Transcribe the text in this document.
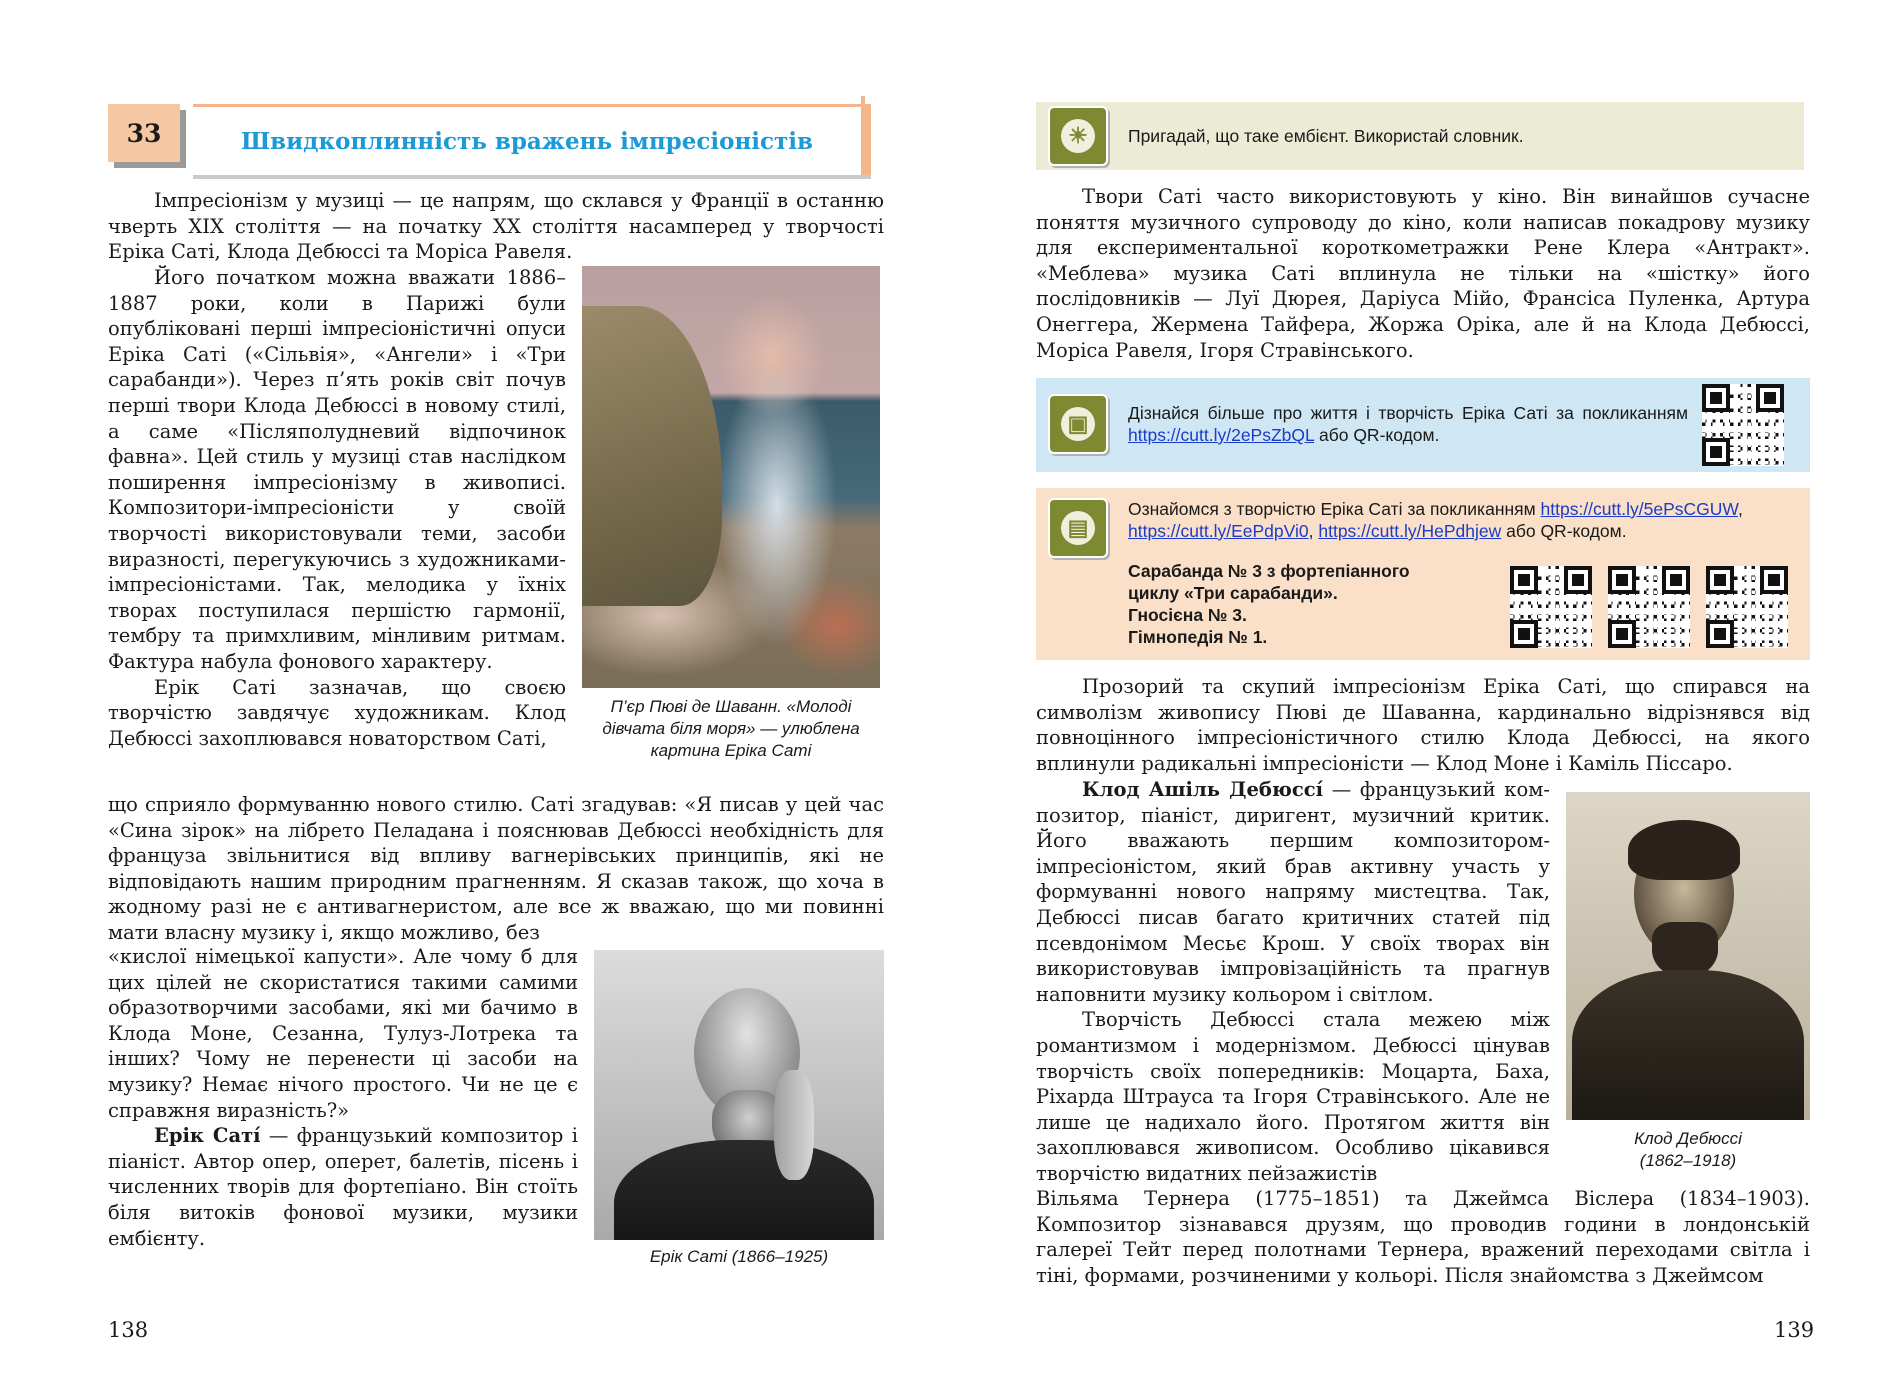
33	Швидкоплинність вражень імпресіоністів

Імпресіонізм у музиці — це напрям, що склався у Франції в останню чверть XIX століття — на початку XX століття насамперед у творчості Еріка Саті, Клода Дебюссі та Моріса Равеля.

Його початком можна вважати 1886–1887 роки, коли в Парижі були опубліковані перші імпресіоністичні опуси Еріка Саті («Сільвія», «Ангели» і «Три сарабанди»). Через п’ять років світ почув перші твори Клода Дебюссі в новому стилі, а саме «Післяполудневий відпочинок фавна». Цей стиль у музиці став наслідком поширення імпресіонізму в живописі. Композитори-імпресіоністи у своїй творчості використовували теми, засоби виразності, перегукуючись з художниками-імпресіоністами. Так, мелодика у їхніх творах поступилася першістю гармонії, тембру та примхливим, мінливим ритмам. Фактура набула фонового характеру.

Ерік Саті зазначав, що своєю творчістю завдячує художникам. Клод Дебюссі захоплювався новаторством Саті,

П’єр Пюві де Шаванн. «Молоді дівчата біля моря» — улюблена картина Еріка Саті

що сприяло формуванню нового стилю. Саті згадував: «Я писав у цей час «Сина зірок» на лібрето Пеладана і пояснював Дебюссі необхідність для француза звільнитися від впливу вагнерівських принципів, які не відповідають нашим природним прагненням. Я сказав також, що хоча в жодному разі не є антивагнеристом, але все ж вважаю, що ми повинні мати власну музику і, якщо можливо, без

«кислої німецької капусти». Але чому б для цих цілей не скористатися такими самими образотворчими засобами, які ми бачимо в Клода Моне, Сезанна, Тулуз-Лотрека та інших? Чому не перенести ці засоби на музику? Немає нічого простого. Чи не це є справжня виразність?»

Ерік Саті́ — французький композитор і піаніст. Автор опер, оперет, балетів, пісень і численних творів для фортепіано. Він стоїть біля витоків фонової музики, музики ембієнту.

Ерік Саті (1866–1925)
138
☀	Пригадай, що таке ембієнт. Використай словник.

Твори Саті часто використовують у кіно. Він винайшов сучасне поняття музичного супроводу до кіно, коли написав покадрову музику для експериментальної короткометражки Рене Клера «Антракт». «Меблева» музика Саті вплинула не тільки на «шістку» його послідовників — Луї Дюрея, Даріуса Мійо, Франсіса Пуленка, Артура Онеггера, Жермена Тайфера, Жоржа Оріка, але й на Клода Дебюссі, Моріса Равеля, Ігоря Стравінського.

▣	Дізнайся більше про життя і творчість Еріка Саті за покликанням https://cutt.ly/2ePsZbQL або QR-кодом.
▤
Ознайомся з творчістю Еріка Саті за покликанням https://cutt.ly/5ePsCGUW, https://cutt.ly/EePdpVi0, https://cutt.ly/HePdhjew або QR-кодом.
Сарабанда № 3 з фортепіанного
циклу «Три сарабанди».
Гносієна № 3.
Гімнопедія № 1.

Прозорий та скупий імпресіонізм Еріка Саті, що спирався на символізм живопису Пюві де Шаванна, кардинально відрізнявся від повноцінного імпресіоністичного стилю Клода Дебюссі, на якого вплинули радикальні імпресіоністи — Клод Моне і Каміль Піссаро.

Клод Ашіль Дебюссі́ — французький композитор, піаніст, диригент, музичний критик. Його вважають першим композитором-імпресіоністом, який брав активну участь у формуванні нового напряму мистецтва. Так, Дебюссі писав багато критичних статей під псевдонімом Месьє Крош. У своїх творах він використовував імпровізаційність та прагнув наповнити музику кольором і світлом.

Творчість Дебюссі стала межею між романтизмом і модернізмом. Дебюссі цінував творчість своїх попередників: Моцарта, Баха, Ріхарда Штрауса та Ігоря Стравінського. Але не лише це надихало його. Протягом життя він захоплювався живописом. Особливо цікавився творчістю видатних пейзажистів

Клод Дебюссі
(1862–1918)

Вільяма Тернера (1775–1851) та Джеймса Віслера (1834–1903). Композитор зізнавався друзям, що проводив години в лондонській галереї Тейт перед полотнами Тернера, вражений переходами світла і тіні, формами, розчиненими у кольорі. Після знайомства з Джеймсом

139
